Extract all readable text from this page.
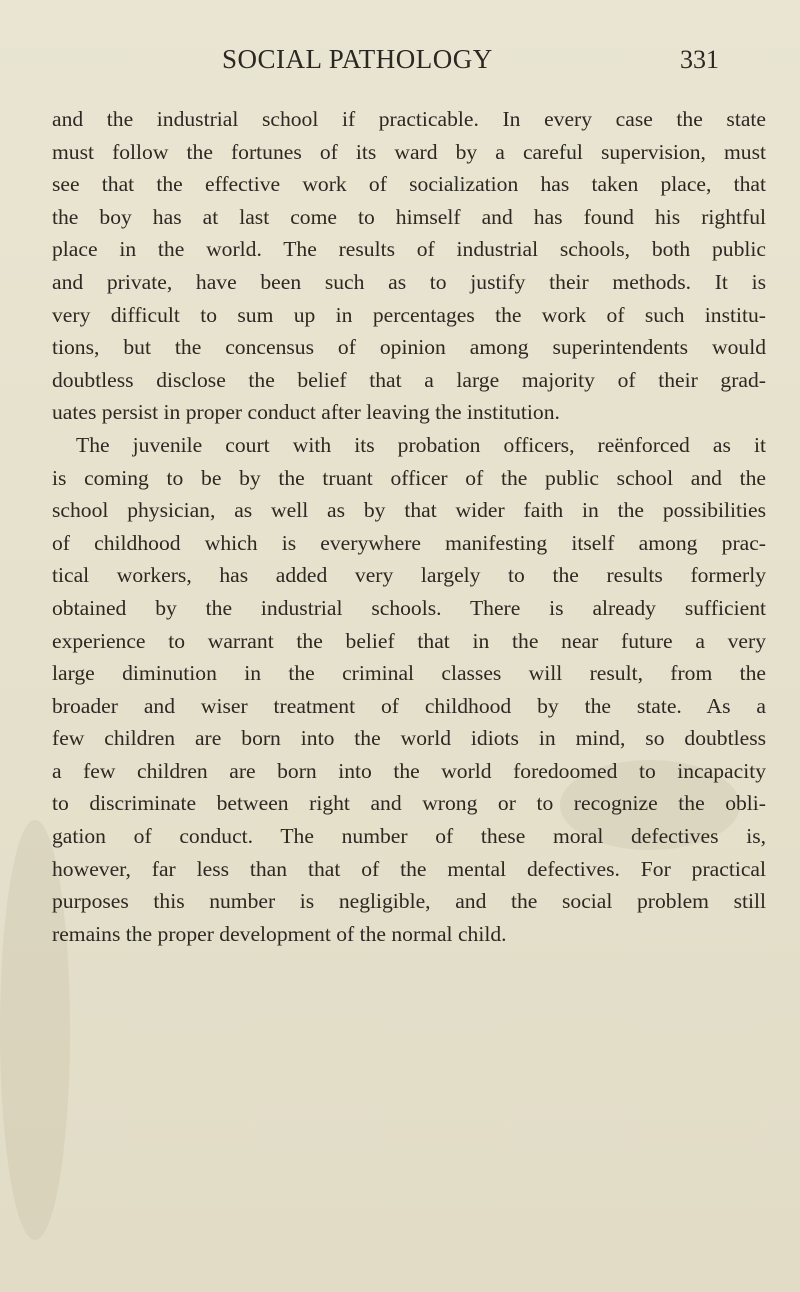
SOCIAL PATHOLOGY	331
and the industrial school if practicable. In every case the state
must follow the fortunes of its ward by a careful supervision, must
see that the effective work of socialization has taken place, that
the boy has at last come to himself and has found his rightful
place in the world. The results of industrial schools, both public
and private, have been such as to justify their methods. It is
very difficult to sum up in percentages the work of such institu-
tions, but the concensus of opinion among superintendents would
doubtless disclose the belief that a large majority of their grad-
uates persist in proper conduct after leaving the institution.
The juvenile court with its probation officers, reënforced as it
is coming to be by the truant officer of the public school and the
school physician, as well as by that wider faith in the possibilities
of childhood which is everywhere manifesting itself among prac-
tical workers, has added very largely to the results formerly
obtained by the industrial schools. There is already sufficient
experience to warrant the belief that in the near future a very
large diminution in the criminal classes will result, from the
broader and wiser treatment of childhood by the state. As a
few children are born into the world idiots in mind, so doubtless
a few children are born into the world foredoomed to incapacity
to discriminate between right and wrong or to recognize the obli-
gation of conduct. The number of these moral defectives is,
however, far less than that of the mental defectives. For practical
purposes this number is negligible, and the social problem still
remains the proper development of the normal child.
